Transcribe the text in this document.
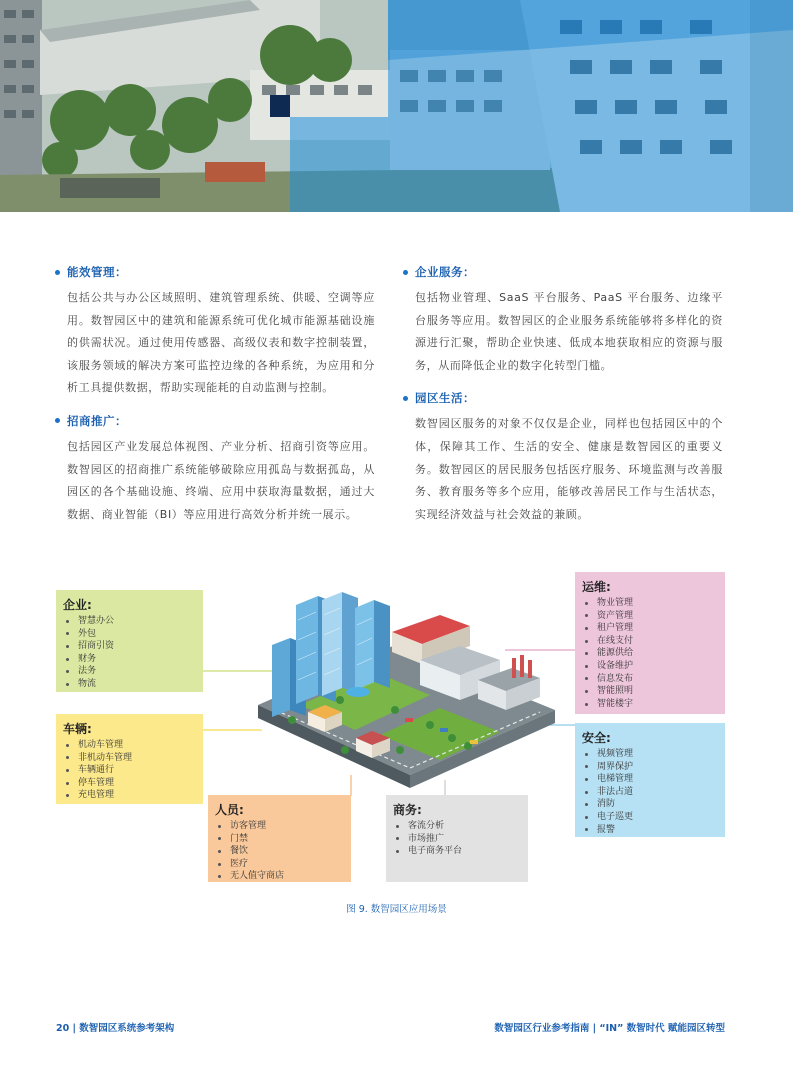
能效管理：

包括公共与办公区域照明、建筑管理系统、供暖、空调等应用。数智园区中的建筑和能源系统可优化城市能源基础设施的供需状况。通过使用传感器、高级仪表和数字控制装置，该服务领域的解决方案可监控边缘的各种系统，为应用和分析工具提供数据，帮助实现能耗的自动监测与控制。

招商推广：

包括园区产业发展总体视图、产业分析、招商引资等应用。数智园区的招商推广系统能够破除应用孤岛与数据孤岛，从园区的各个基础设施、终端、应用中获取海量数据，通过大数据、商业智能（BI）等应用进行高效分析并统一展示。

企业服务：

包括物业管理、SaaS 平台服务、PaaS 平台服务、边缘平台服务等应用。数智园区的企业服务系统能够将多样化的资源进行汇聚，帮助企业快速、低成本地获取相应的资源与服务，从而降低企业的数字化转型门槛。

园区生活：

数智园区服务的对象不仅仅是企业，同样也包括园区中的个体，保障其工作、生活的安全、健康是数智园区的重要义务。数智园区的居民服务包括医疗服务、环境监测与改善服务、教育服务等多个应用，能够改善居民工作与生活状态，实现经济效益与社会效益的兼顾。

企业:
智慧办公
外包
招商引资
财务
法务
物流
车辆:
机动车管理
非机动车管理
车辆通行
停车管理
充电管理
人员:
访客管理
门禁
餐饮
医疗
无人值守商店
商务:
客流分析
市场推广
电子商务平台
运维:
物业管理
资产管理
租户管理
在线支付
能源供给
设备维护
信息发布
智能照明
智能楼宇
安全:
视频管理
周界保护
电梯管理
非法占道
消防
电子巡更
报警
图 9. 数智园区应用场景
20 | 数智园区系统参考架构	数智园区行业参考指南 | “IN” 数智时代 赋能园区转型
